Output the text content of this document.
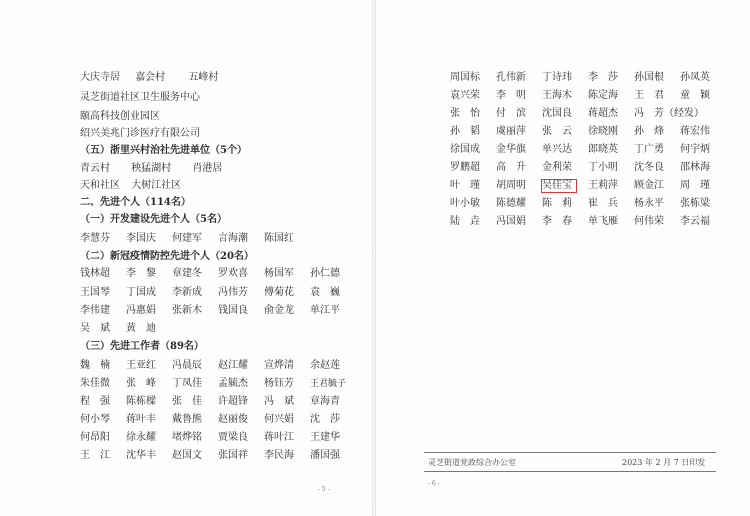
大庆寺居 嘉会村 五峰村
灵芝街道社区卫生服务中心
颐高科技创业园区
绍兴美兆门诊医疗有限公司
（五）浙里兴村治社先进单位（5个）
青云村 秧猛湖村 肖港居
天和社区 大树江社区
二、先进个人（114名）
（一）开发建设先进个人（5名）
李慧芬 李国庆 何建军 言海潮 陈国红
（二）新冠疫情防控先进个人（20名）
钱林超 李　黎 章建冬 罗欢喜 杨国军 孙仁德
王国琴 丁国成 李新成 冯伟芳 傅菊花 袁　巍
李伟建 冯惠娟 张新木 钱国良 俞金龙 单江平
吴　斌 黄　迪
（三）先进工作者（89名）
魏　楠 王亚红 冯晨辰 赵江耀 宣烨清 余赵莲
朱佳微 张　峰 丁凤佳 孟毓杰 杨钰芳 王君毓子
程　强 陈栋樑 张　佳 许超锋 冯　斌 章海青
何小琴 蒋叶丰 戴鲁熊 赵丽俊 何兴娟 沈　莎
何昂阳 徐永耀 堵烨铭 贾梁良 蒋叶江 王建华
王　江 沈华丰 赵国文 张国祥 李民海 潘国强
- 5 -
周国标 孔伟新 丁诗玮 李　莎 孙国根 孙凤英
袁兴荣 李　明 王海木 陈定海 王　君 童　颖
张　怡 付　滨 沈国良 蒋超杰 冯　芳（经发）
孙　韬 虞丽萍 张　云 徐晓刚 孙　烽 蒋宏伟
徐国成 金华旗 单兴达 郎晓英 丁广勇 何宇炳
罗鹏超 高　升 金利荣 丁小明 沈冬良 邵林海
叶　瑾 胡周明 吴佳宝 王莉萍 顾金江 周　瑾
叶小敏 陈德耀 陈　莉 崔　兵 杨永平 张栋梁
陆　垚 冯国娟 李　春 单飞雁 何伟荣 李云福
灵芝街道党政综合办公室	2023 年 2 月 7 日印发
- 6 -
